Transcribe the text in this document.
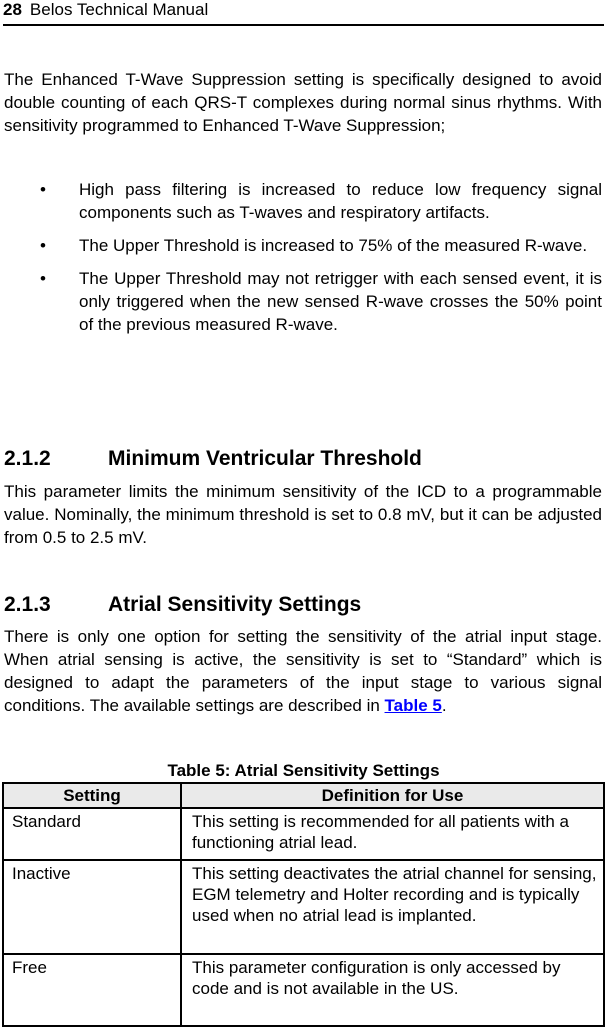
28 Belos Technical Manual

The Enhanced T-Wave Suppression setting is specifically designed to avoid double counting of each QRS-T complexes during normal sinus rhythms. With sensitivity programmed to Enhanced T-Wave Suppression;

• High pass filtering is increased to reduce low frequency signal components such as T-waves and respiratory artifacts.
• The Upper Threshold is increased to 75% of the measured R-wave.
• The Upper Threshold may not retrigger with each sensed event, it is only triggered when the new sensed R-wave crosses the 50% point of the previous measured R-wave.
2.1.2	Minimum Ventricular Threshold

This parameter limits the minimum sensitivity of the ICD to a programmable value. Nominally, the minimum threshold is set to 0.8 mV, but it can be adjusted from 0.5 to 2.5 mV.

2.1.3	Atrial Sensitivity Settings

There is only one option for setting the sensitivity of the atrial input stage. When atrial sensing is active, the sensitivity is set to “Standard” which is designed to adapt the parameters of the input stage to various signal conditions. The available settings are described in Table 5.

Table 5: Atrial Sensitivity Settings

Setting	Definition for Use
Standard	This setting is recommended for all patients with a functioning atrial lead.
Inactive	This setting deactivates the atrial channel for sensing, EGM telemetry and Holter recording and is typically used when no atrial lead is implanted.
Free	This parameter configuration is only accessed by code and is not available in the US.
